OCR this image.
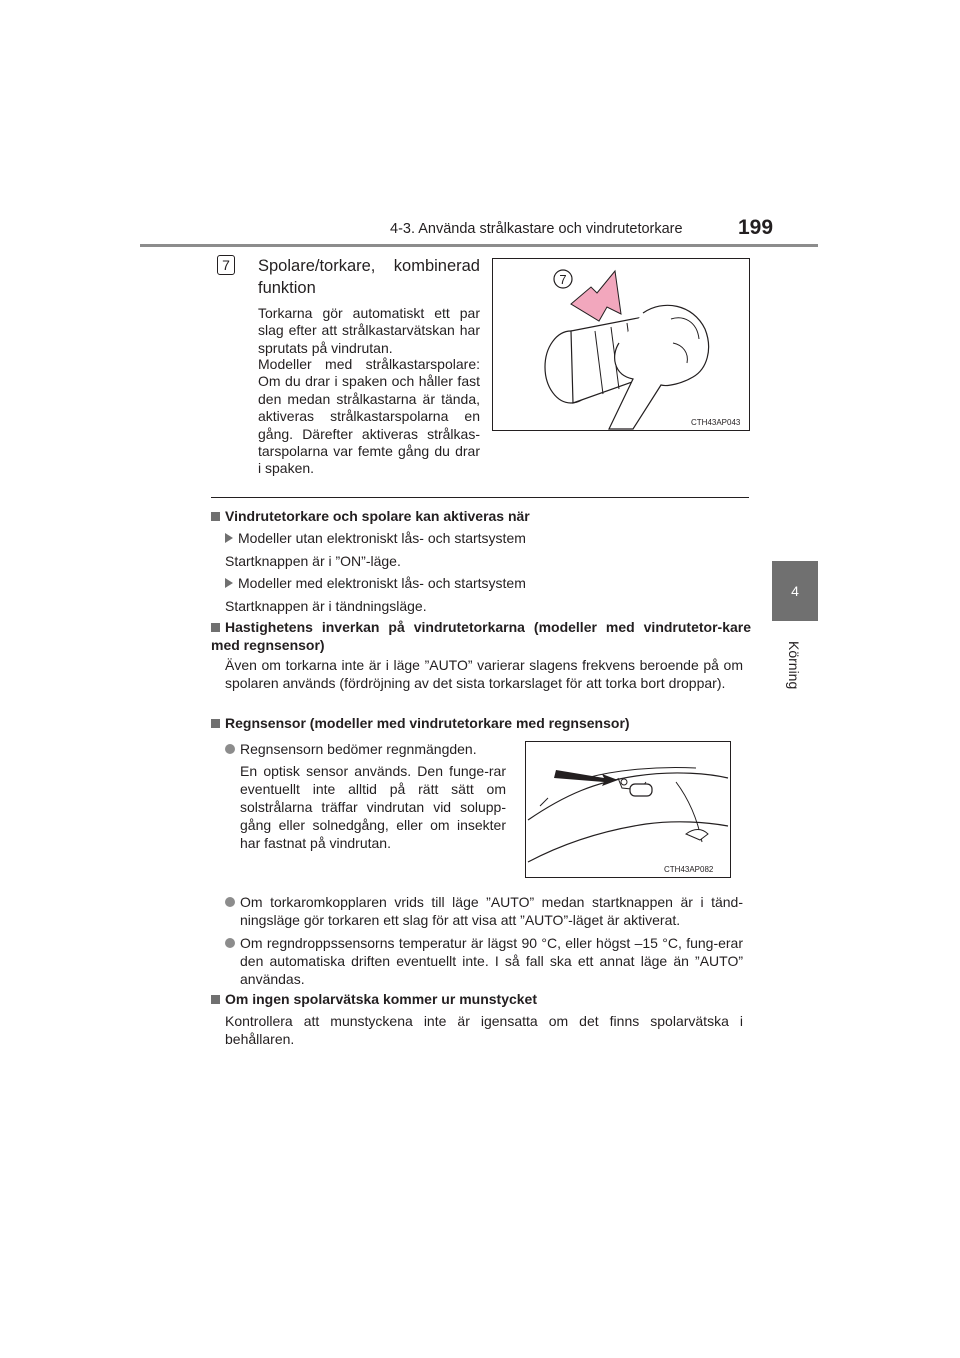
4-3. Använda strålkastare och vindrutetorkare	199
4
Körning
7	Spolare/torkare, kombinerad
funktion
Torkarna gör automatiskt ett par slag efter att strålkastarvätskan har sprutats på vindrutan.
Modeller med strålkastarspolare: Om du drar i spaken och håller fast den medan strålkastarna är tända, aktiveras strålkastarspolarna en gång. Därefter aktiveras strålkas-tarspolarna var femte gång du drar i spaken.
7
CTH43AP043
Vindrutetorkare och spolare kan aktiveras när
Modeller utan elektroniskt lås- och startsystem
Startknappen är i ”ON”-läge.
Modeller med elektroniskt lås- och startsystem
Startknappen är i tändningsläge.
Hastighetens inverkan på vindrutetorkarna (modeller med vindrutetor-kare med regnsensor)
Även om torkarna inte är i läge ”AUTO” varierar slagens frekvens beroende på om spolaren används (fördröjning av det sista torkarslaget för att torka bort droppar).
Regnsensor (modeller med vindrutetorkare med regnsensor)
Regnsensorn bedömer regnmängden.
En optisk sensor används. Den funge-rar eventuellt inte alltid på rätt sätt om solstrålarna träffar vindrutan vid solupp-gång eller solnedgång, eller om insekter har fastnat på vindrutan.
CTH43AP082
Om torkaromkopplaren vrids till läge ”AUTO” medan startknappen är i tänd-ningsläge gör torkaren ett slag för att visa att ”AUTO”-läget är aktiverat.
Om regndroppssensorns temperatur är lägst 90 °C, eller högst –15 °C, fung-erar den automatiska driften eventuellt inte. I så fall ska ett annat läge än ”AUTO” användas.
Om ingen spolarvätska kommer ur munstycket
Kontrollera att munstyckena inte är igensatta om det finns spolarvätska i behållaren.
